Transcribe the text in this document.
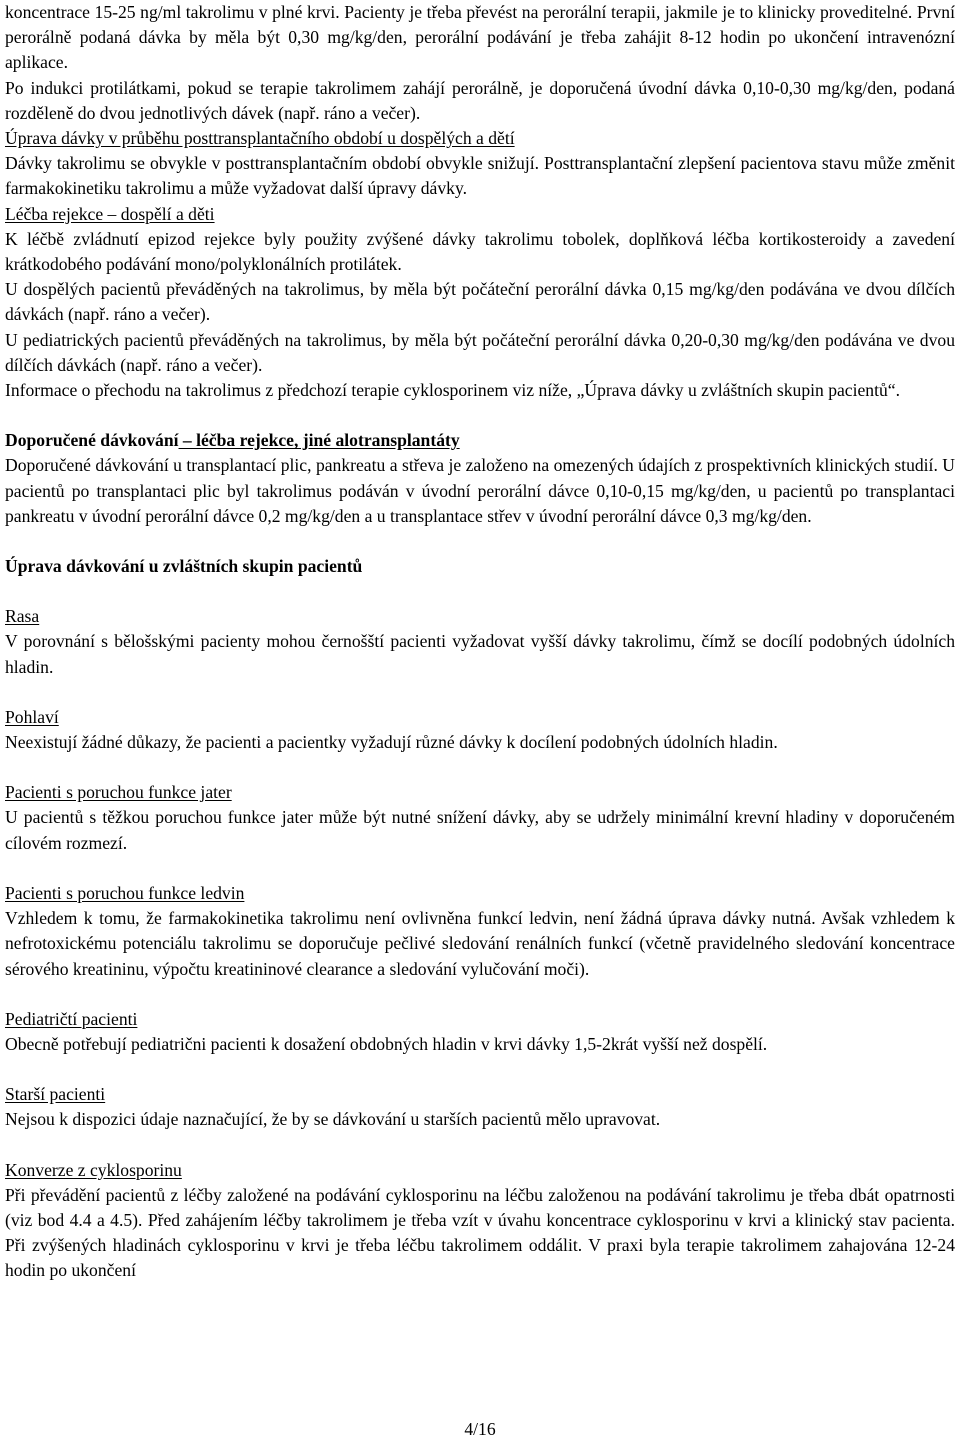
koncentrace 15-25 ng/ml takrolimu v plné krvi. Pacienty je třeba převést na perorální terapii, jakmile je to klinicky proveditelné. První perorálně podaná dávka by měla být 0,30 mg/kg/den, perorální podávání je třeba zahájit 8-12 hodin po ukončení intravenózní aplikace.

Po indukci protilátkami, pokud se terapie takrolimem zahájí perorálně, je doporučená úvodní dávka 0,10-0,30 mg/kg/den, podaná rozděleně do dvou jednotlivých dávek (např. ráno a večer).

Úprava dávky v průběhu posttransplantačního období u dospělých a dětí

Dávky takrolimu se obvykle v posttransplantačním období obvykle snižují. Posttransplantační zlepšení pacientova stavu může změnit farmakokinetiku takrolimu a může vyžadovat další úpravy dávky.

Léčba rejekce – dospělí a děti

K léčbě zvládnutí epizod rejekce byly použity zvýšené dávky takrolimu tobolek, doplňková léčba kortikosteroidy a zavedení krátkodobého podávání mono/polyklonálních protilátek.

U dospělých pacientů převáděných na takrolimus, by měla být počáteční perorální dávka 0,15 mg/kg/den podávána ve dvou dílčích dávkách (např. ráno a večer).

U pediatrických pacientů převáděných na takrolimus, by měla být počáteční perorální dávka 0,20-0,30 mg/kg/den podávána ve dvou dílčích dávkách (např. ráno a večer).

Informace o přechodu na takrolimus z předchozí terapie cyklosporinem viz níže, „Úprava dávky u zvláštních skupin pacientů“.

Doporučené dávkování – léčba rejekce, jiné alotransplantáty

Doporučené dávkování u transplantací plic, pankreatu a střeva je založeno na omezených údajích z prospektivních klinických studií. U pacientů po transplantaci plic byl takrolimus podáván v úvodní perorální dávce 0,10-0,15 mg/kg/den, u pacientů po transplantaci pankreatu v úvodní perorální dávce 0,2 mg/kg/den a u transplantace střev v úvodní perorální dávce 0,3 mg/kg/den.

Úprava dávkování u zvláštních skupin pacientů

Rasa

V porovnání s bělošskými pacienty mohou černošští pacienti vyžadovat vyšší dávky takrolimu, čímž se docílí podobných údolních hladin.

Pohlaví

Neexistují žádné důkazy, že pacienti a pacientky vyžadují různé dávky k docílení podobných údolních hladin.

Pacienti s poruchou funkce jater

U pacientů s těžkou poruchou funkce jater může být nutné snížení dávky, aby se udržely minimální krevní hladiny v doporučeném cílovém rozmezí.

Pacienti s poruchou funkce ledvin

Vzhledem k tomu, že farmakokinetika takrolimu není ovlivněna funkcí ledvin, není žádná úprava dávky nutná. Avšak vzhledem k nefrotoxickému potenciálu takrolimu se doporučuje pečlivé sledování renálních funkcí (včetně pravidelného sledování koncentrace sérového kreatininu, výpočtu kreatininové clearance a sledování vylučování moči).

Pediatričtí pacienti

Obecně potřebují pediatrični pacienti k dosažení obdobných hladin v krvi dávky 1,5-2krát vyšší než dospělí.

Starší pacienti

Nejsou k dispozici údaje naznačující, že by se dávkování u starších pacientů mělo upravovat.

Konverze z cyklosporinu

Při převádění pacientů z léčby založené na podávání cyklosporinu na léčbu založenou na podávání takrolimu je třeba dbát opatrnosti (viz bod 4.4 a 4.5). Před zahájením léčby takrolimem je třeba vzít v úvahu koncentrace cyklosporinu v krvi a klinický stav pacienta. Při zvýšených hladinách cyklosporinu v krvi je třeba léčbu takrolimem oddálit. V praxi byla terapie takrolimem zahajována 12-24 hodin po ukončení

4/16
